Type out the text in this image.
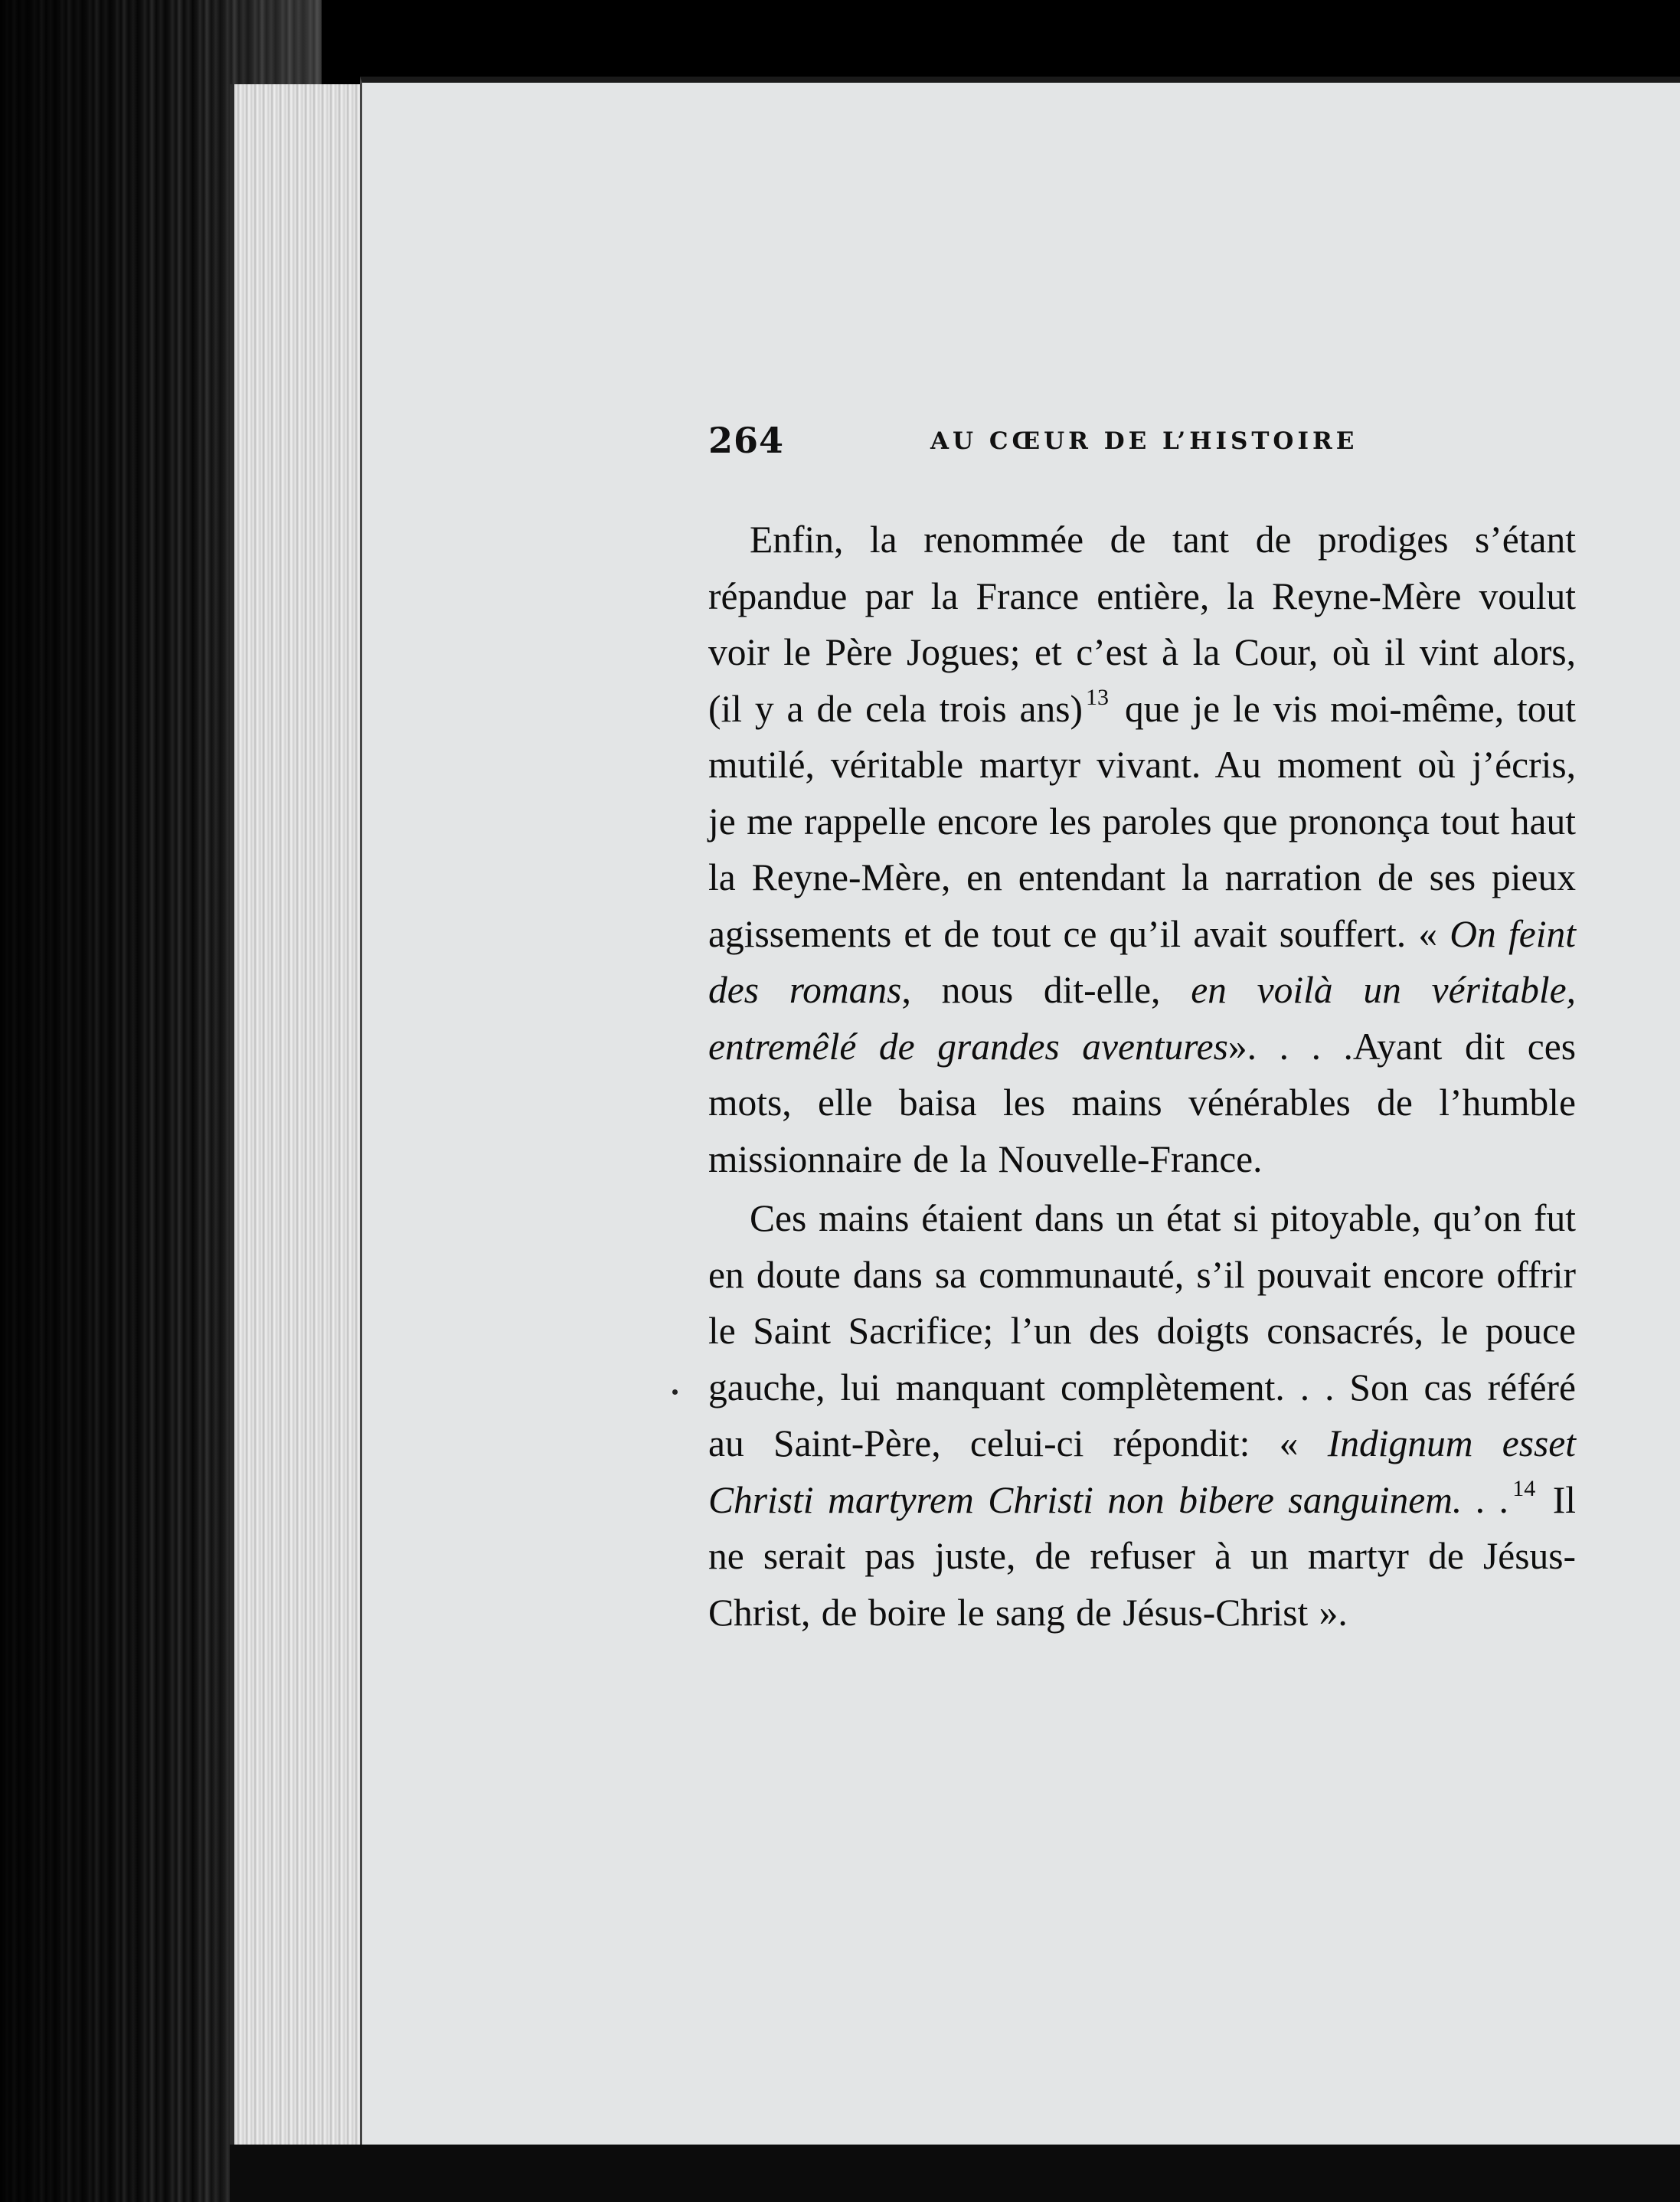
264	AU CŒUR DE L’HISTOIRE

Enfin, la renommée de tant de prodiges s’étant répandue par la France entière, la Reyne-Mère voulut voir le Père Jogues; et c’est à la Cour, où il vint alors, (il y a de cela trois ans) $^{13}$ que je le vis moi-même, tout mutilé, véritable martyr vivant. Au moment où j’écris, je me rappelle encore les paroles que prononça tout haut la Reyne-Mère, en entendant la narration de ses pieux agissements et de tout ce qu’il avait souffert. « On feint des romans, nous dit-elle, en voilà un véritable, entremêlé de grandes aventures». . . .Ayant dit ces mots, elle baisa les mains vénérables de l’humble missionnaire de la Nouvelle-France.

Ces mains étaient dans un état si pitoyable, qu’on fut en doute dans sa communauté, s’il pouvait encore offrir le Saint Sacrifice; l’un des doigts consacrés, le pouce gauche, lui manquant complètement. . . Son cas référé au Saint-Père, celui-ci répondit: « Indignum esset Christi martyrem Christi non bibere sanguinem. . . $^{14}$ Il ne serait pas juste, de refuser à un martyr de Jésus-Christ, de boire le sang de Jésus-Christ ».
